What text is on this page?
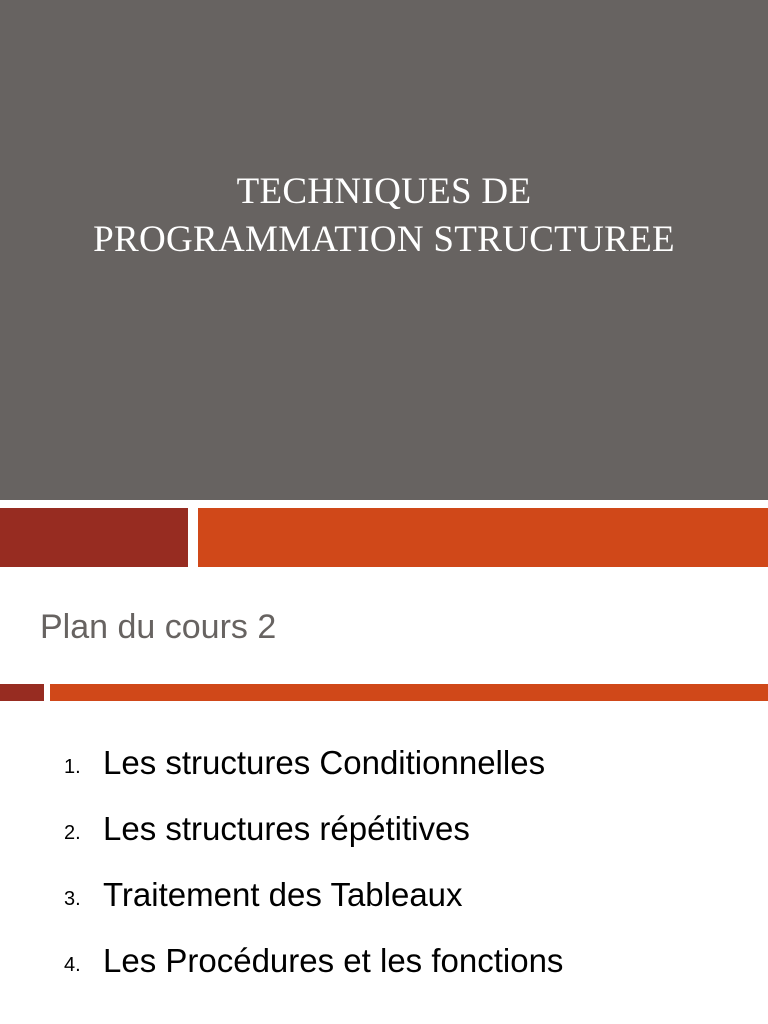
TECHNIQUES DE
PROGRAMMATION STRUCTUREE
Plan du cours 2
1. Les structures Conditionnelles
2. Les structures répétitives
3. Traitement des Tableaux
4. Les Procédures et les fonctions
